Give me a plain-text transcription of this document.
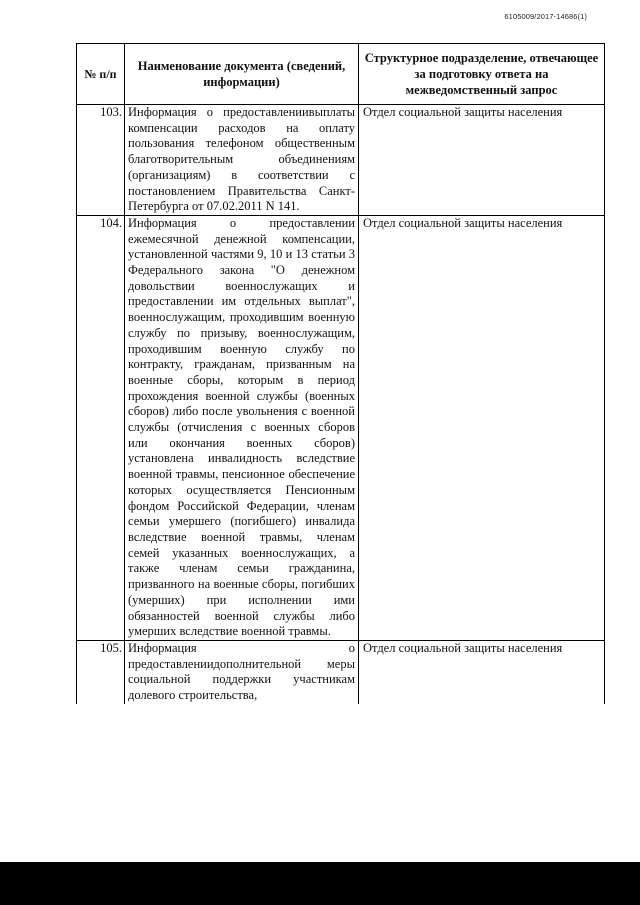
6105009/2017-14686(1)
№ п/п	Наименование документа (сведений, информации)	Структурное подразделение, отвечающее за подготовку ответа на межведомственный запрос
103.	Информация о предоставлениивыплаты компенсации расходов на оплату пользования телефоном общественным благотворительным объединениям (организациям) в соответствии с постановлением Правительства Санкт-Петербурга от 07.02.2011 N 141.	Отдел социальной защиты населения
104.	Информация о предоставлении ежемесячной денежной компенсации, установленной частями 9, 10 и 13 статьи 3 Федерального закона "О денежном довольствии военнослужащих и предоставлении им отдельных выплат", военнослужащим, проходившим военную службу по призыву, военнослужащим, проходившим военную службу по контракту, гражданам, призванным на военные сборы, которым в период прохождения военной службы (военных сборов) либо после увольнения с военной службы (отчисления с военных сборов или окончания военных сборов) установлена инвалидность вследствие военной травмы, пенсионное обеспечение которых осуществляется Пенсионным фондом Российской Федерации, членам семьи умершего (погибшего) инвалида вследствие военной травмы, членам семей указанных военнослужащих, а также членам семьи гражданина, призванного на военные сборы, погибших (умерших) при исполнении ими обязанностей военной службы либо умерших вследствие военной травмы.	Отдел социальной защиты населения
105.	Информация о предоставлениидополнительной меры социальной поддержки участникам долевого строительства,	Отдел социальной защиты населения
